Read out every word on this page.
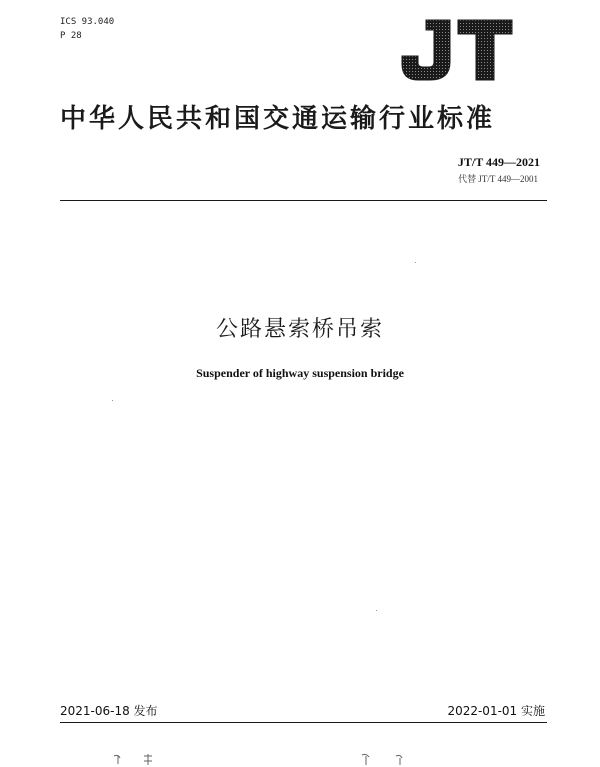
ICS 93.040
P 28
中华人民共和国交通运输行业标准
JT/T 449—2021
代替 JT/T 449—2001
公路悬索桥吊索
Suspender of highway suspension bridge
2021-06-18 发布	2022-01-01 实施
